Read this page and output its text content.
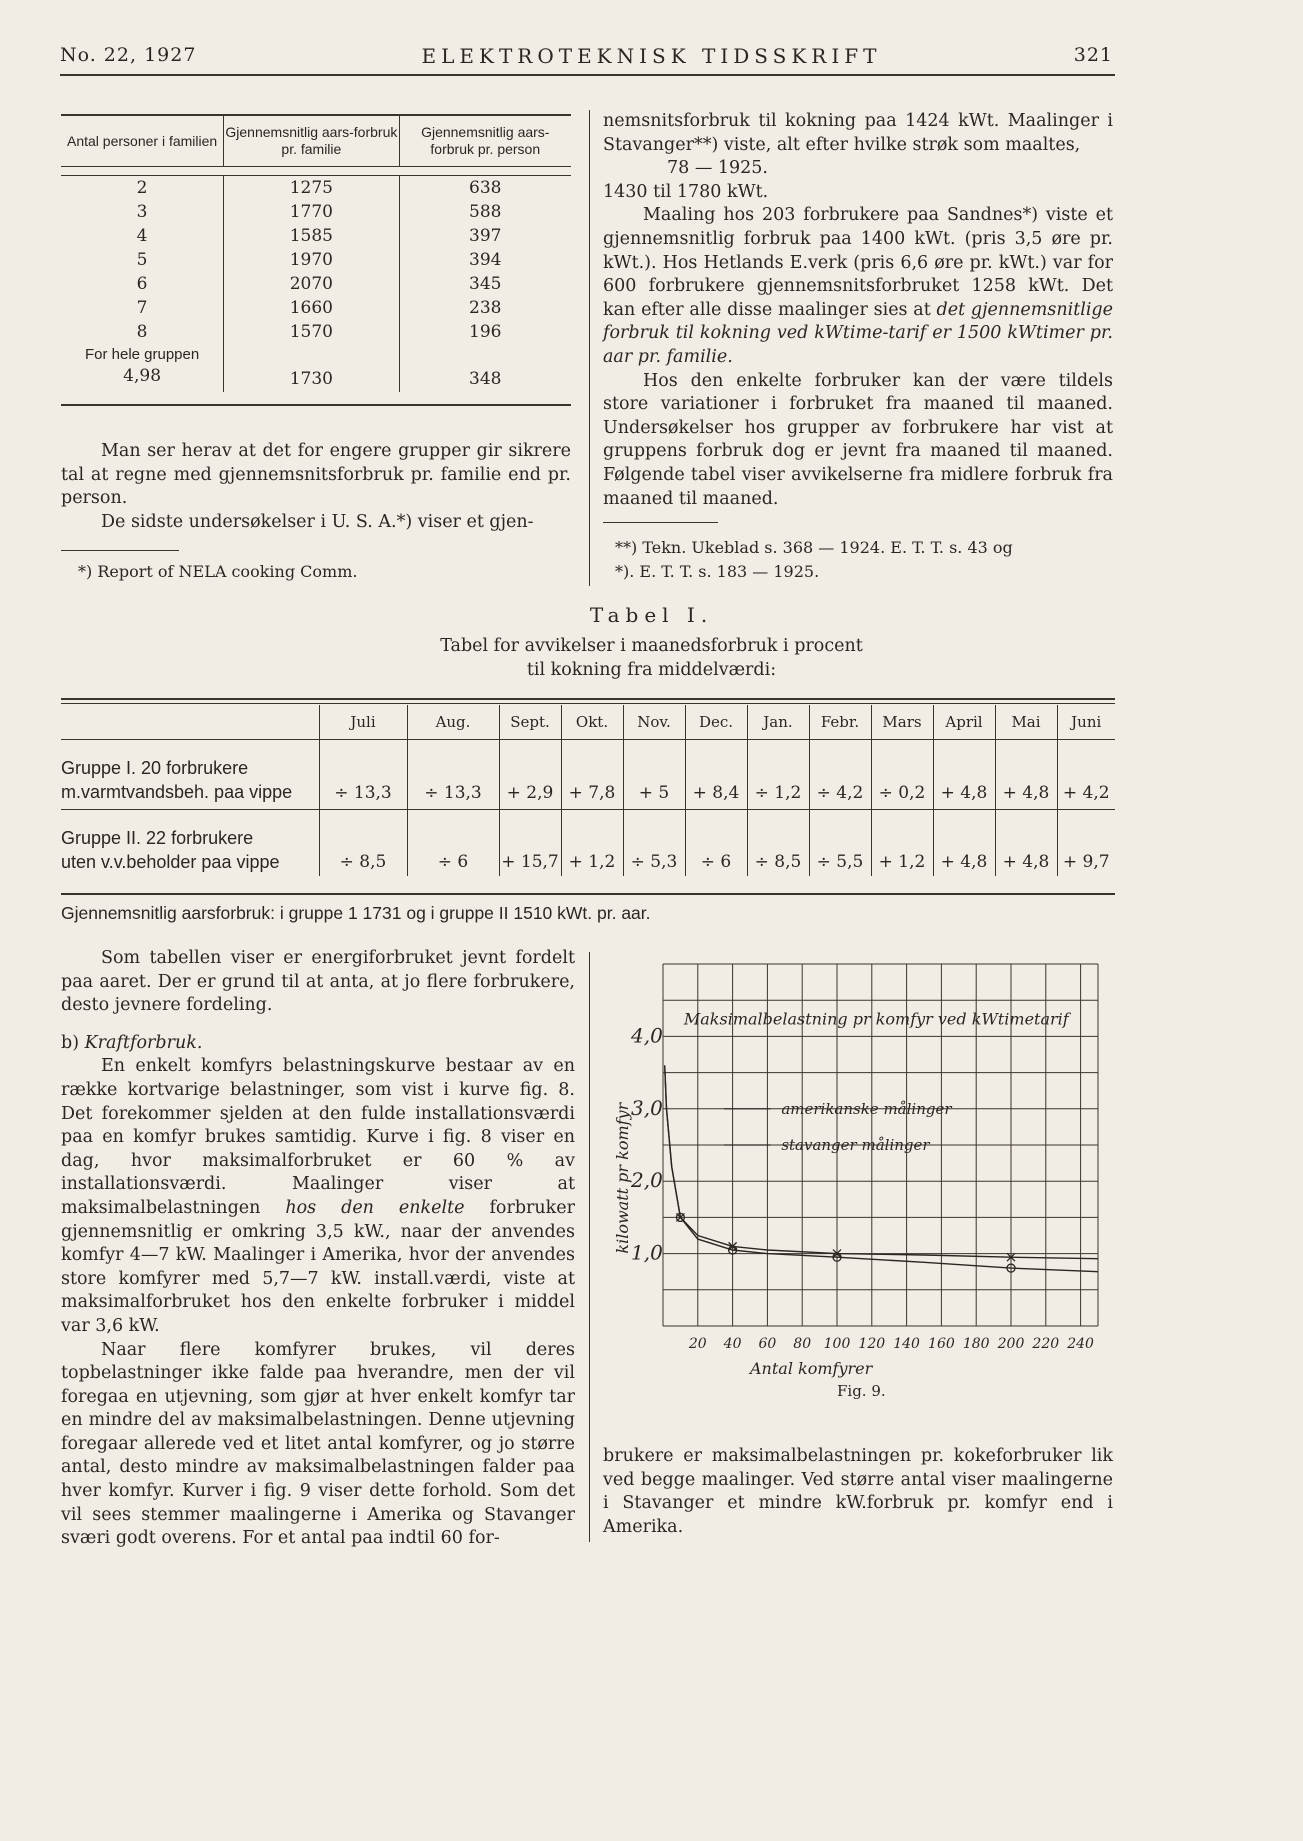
No. 22, 1927	ELEKTROTEKNISK TIDSSKRIFT	321
Antal personer i familien	Gjennemsnitlig aars-forbruk pr. familie	Gjennemsnitlig aars-forbruk pr. person

2	1275	638
3	1770	588
4	1585	397
5	1970	394
6	2070	345
7	1660	238
8	1570	196
For hele gruppen		
4,98	1730	348

Man ser herav at det for engere grupper gir sikrere tal at regne med gjennemsnitsforbruk pr. familie end pr. person.

De sidste undersøkelser i U. S. A.*) viser et gjen-

*) Report of NELA cooking Comm.

nemsnitsforbruk til kokning paa 1424 kWt. Maalinger i Stavanger**) viste, alt efter hvilke strøk som maaltes,

78 — 1925.

1430 til 1780 kWt.

Maaling hos 203 forbrukere paa Sandnes*) viste et gjennemsnitlig forbruk paa 1400 kWt. (pris 3,5 øre pr. kWt.). Hos Hetlands E.verk (pris 6,6 øre pr. kWt.) var for 600 forbrukere gjennemsnitsforbruket 1258 kWt. Det kan efter alle disse maalinger sies at det gjennemsnitlige forbruk til kokning ved kWtime-tarif er 1500 kWtimer pr. aar pr. familie.

Hos den enkelte forbruker kan der være tildels store variationer i forbruket fra maaned til maaned. Undersøkelser hos grupper av forbrukere har vist at gruppens forbruk dog er jevnt fra maaned til maaned. Følgende tabel viser avvikelserne fra midlere forbruk fra maaned til maaned.

**) Tekn. Ukeblad s. 368 — 1924. E. T. T. s. 43 og
*). E. T. T. s. 183 — 1925.
Tabel I.
Tabel for avvikelser i maanedsforbruk i procent
til kokning fra middelværdi:
	Juli	Aug.	Sept.	Okt.	Nov.	Dec.	Jan.	Febr.	Mars	April	Mai	Juni

Gruppe I. 20 forbrukere
m.varmtvandsbeh. paa vippe	÷ 13,3	÷ 13,3	+ 2,9	+ 7,8	+ 5	+ 8,4	÷ 1,2	÷ 4,2	÷ 0,2	+ 4,8	+ 4,8	+ 4,2

Gruppe II. 22 forbrukere
uten v.v.beholder paa vippe	÷ 8,5	÷ 6	+ 15,7	+ 1,2	÷ 5,3	÷ 6	÷ 8,5	÷ 5,5	+ 1,2	+ 4,8	+ 4,8	+ 9,7
Gjennemsnitlig aarsforbruk: i gruppe 1 1731 og i gruppe II 1510 kWt. pr. aar.

Som tabellen viser er energiforbruket jevnt fordelt paa aaret. Der er grund til at anta, at jo flere forbrukere, desto jevnere fordeling.

b) Kraftforbruk.

En enkelt komfyrs belastningskurve bestaar av en række kortvarige belastninger, som vist i kurve fig. 8. Det forekommer sjelden at den fulde installationsværdi paa en komfyr brukes samtidig. Kurve i fig. 8 viser en dag, hvor maksimalforbruket er 60 % av installationsværdi. Maalinger viser at maksimalbelastningen hos den enkelte forbruker gjennemsnitlig er omkring 3,5 kW., naar der anvendes komfyr 4—7 kW. Maalinger i Amerika, hvor der anvendes store komfyrer med 5,7—7 kW. install.værdi, viste at maksimalforbruket hos den enkelte forbruker i middel var 3,6 kW.

Naar flere komfyrer brukes, vil deres topbelastninger ikke falde paa hverandre, men der vil foregaa en utjevning, som gjør at hver enkelt komfyr tar en mindre del av maksimalbelastningen. Denne utjevning foregaar allerede ved et litet antal komfyrer, og jo større antal, desto mindre av maksimalbelastningen falder paa hver komfyr. Kurver i fig. 9 viser dette forhold. Som det vil sees stemmer maalingerne i Amerika og Stavanger sværi godt overens. For et antal paa indtil 60 for-

1,0
2,0
3,0
4,0
20 40 60 80 100 120 140 160 180 200 220 240
Antal komfyrer
kilowatt pr komfyr
Maksimalbelastning pr komfyr ved kWtimetarif
Fig. 9.
amerikanske målinger
stavanger målinger

brukere er maksimalbelastningen pr. kokeforbruker lik ved begge maalinger. Ved større antal viser maalingerne i Stavanger et mindre kW.forbruk pr. komfyr end i Amerika.
